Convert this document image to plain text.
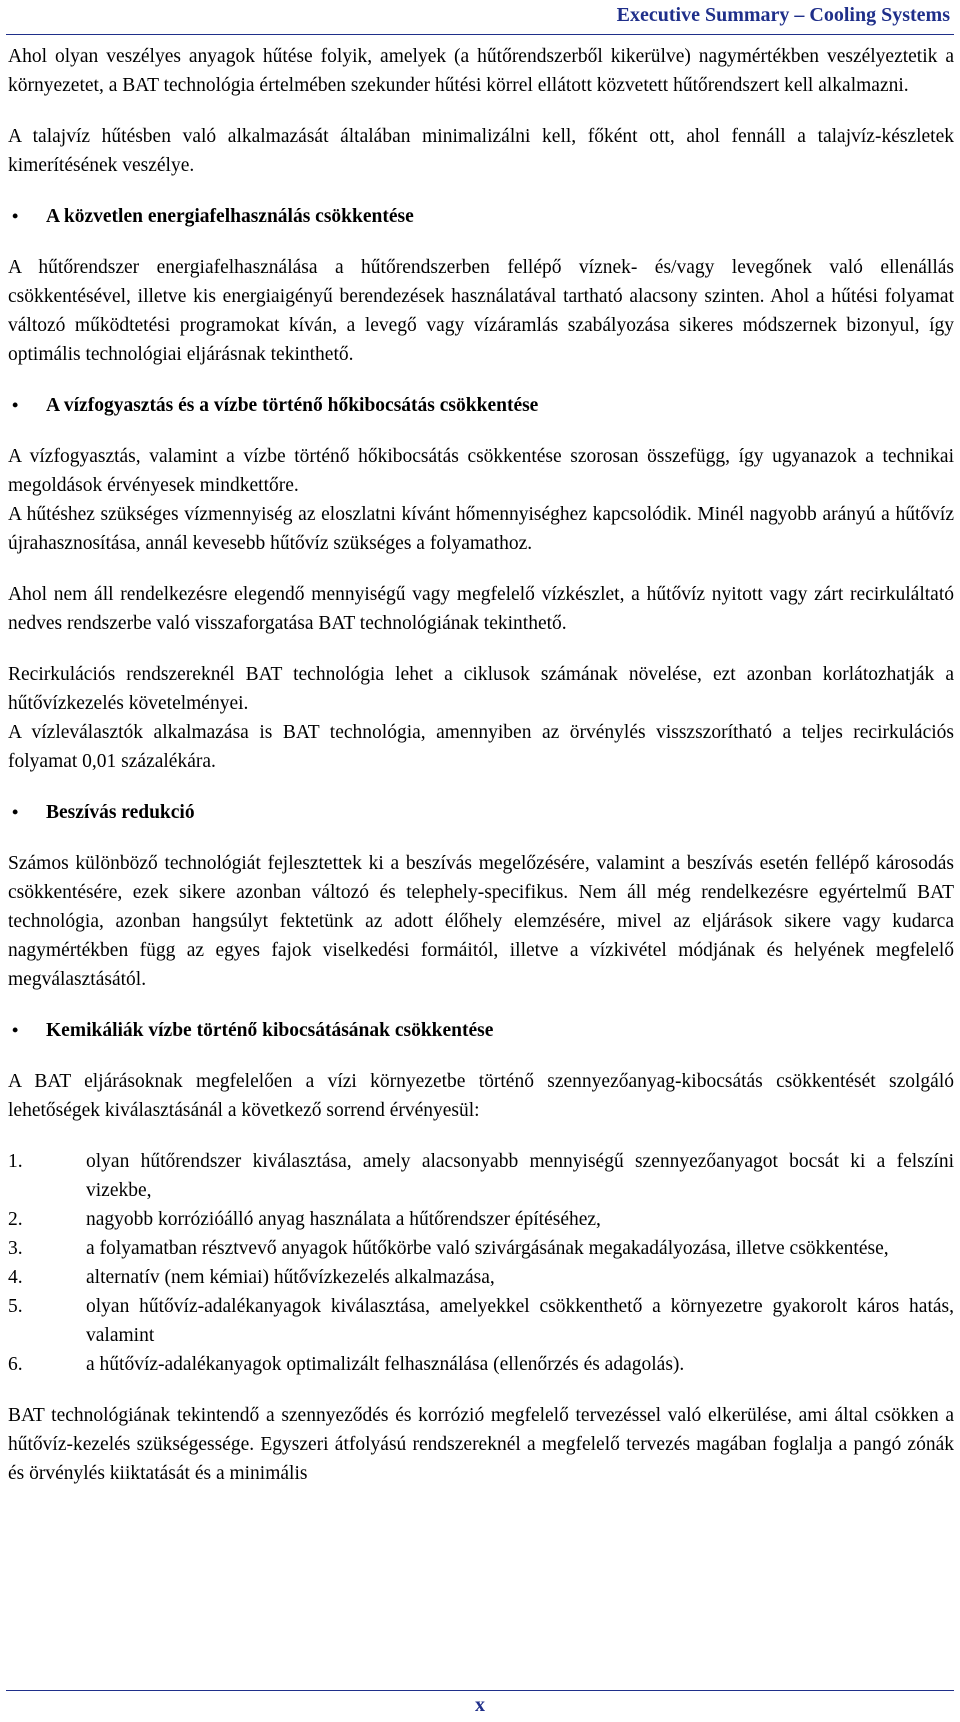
Executive Summary – Cooling Systems

Ahol olyan veszélyes anyagok hűtése folyik, amelyek (a hűtőrendszerből kikerülve) nagymértékben veszélyeztetik a környezetet, a BAT technológia értelmében szekunder hűtési körrel ellátott közvetett hűtőrendszert kell alkalmazni.

A talajvíz hűtésben való alkalmazását általában minimalizálni kell, főként ott, ahol fennáll a talajvíz-készletek kimerítésének veszélye.

• A közvetlen energiafelhasználás csökkentése

A hűtőrendszer energiafelhasználása a hűtőrendszerben fellépő víznek- és/vagy levegőnek való ellenállás csökkentésével, illetve kis energiaigényű berendezések használatával tartható alacsony szinten. Ahol a hűtési folyamat változó működtetési programokat kíván, a levegő vagy vízáramlás szabályozása sikeres módszernek bizonyul, így optimális technológiai eljárásnak tekinthető.

• A vízfogyasztás és a vízbe történő hőkibocsátás csökkentése

A vízfogyasztás, valamint a vízbe történő hőkibocsátás csökkentése szorosan összefügg, így ugyanazok a technikai megoldások érvényesek mindkettőre.

A hűtéshez szükséges vízmennyiség az eloszlatni kívánt hőmennyiséghez kapcsolódik. Minél nagyobb arányú a hűtővíz újrahasznosítása, annál kevesebb hűtővíz szükséges a folyamathoz.

Ahol nem áll rendelkezésre elegendő mennyiségű vagy megfelelő vízkészlet, a hűtővíz nyitott vagy zárt recirkuláltató nedves rendszerbe való visszaforgatása BAT technológiának tekinthető.

Recirkulációs rendszereknél BAT technológia lehet a ciklusok számának növelése, ezt azonban korlátozhatják a hűtővízkezelés követelményei.

A vízleválasztók alkalmazása is BAT technológia, amennyiben az örvénylés visszszorítható a teljes recirkulációs folyamat 0,01 százalékára.

• Beszívás redukció

Számos különböző technológiát fejlesztettek ki a beszívás megelőzésére, valamint a beszívás esetén fellépő károsodás csökkentésére, ezek sikere azonban változó és telephely-specifikus. Nem áll még rendelkezésre egyértelmű BAT technológia, azonban hangsúlyt fektetünk az adott élőhely elemzésére, mivel az eljárások sikere vagy kudarca nagymértékben függ az egyes fajok viselkedési formáitól, illetve a vízkivétel módjának és helyének megfelelő megválasztásától.

• Kemikáliák vízbe történő kibocsátásának csökkentése

A BAT eljárásoknak megfelelően a vízi környezetbe történő szennyezőanyag-kibocsátás csökkentését szolgáló lehetőségek kiválasztásánál a következő sorrend érvényesül:

1.	olyan hűtőrendszer kiválasztása, amely alacsonyabb mennyiségű szennyezőanyagot bocsát ki a felszíni vizekbe,
2.	nagyobb korrózióálló anyag használata a hűtőrendszer építéséhez,
3.	a folyamatban résztvevő anyagok hűtőkörbe való szivárgásának megakadályozása, illetve csökkentése,
4.	alternatív (nem kémiai) hűtővízkezelés alkalmazása,
5.	olyan hűtővíz-adalékanyagok kiválasztása, amelyekkel csökkenthető a környezetre gyakorolt káros hatás, valamint
6.	a hűtővíz-adalékanyagok optimalizált felhasználása (ellenőrzés és adagolás).

BAT technológiának tekintendő a szennyeződés és korrózió megfelelő tervezéssel való elkerülése, ami által csökken a hűtővíz-kezelés szükségessége. Egyszeri átfolyású rendszereknél a megfelelő tervezés magában foglalja a pangó zónák és örvénylés kiiktatását és a minimális

x
